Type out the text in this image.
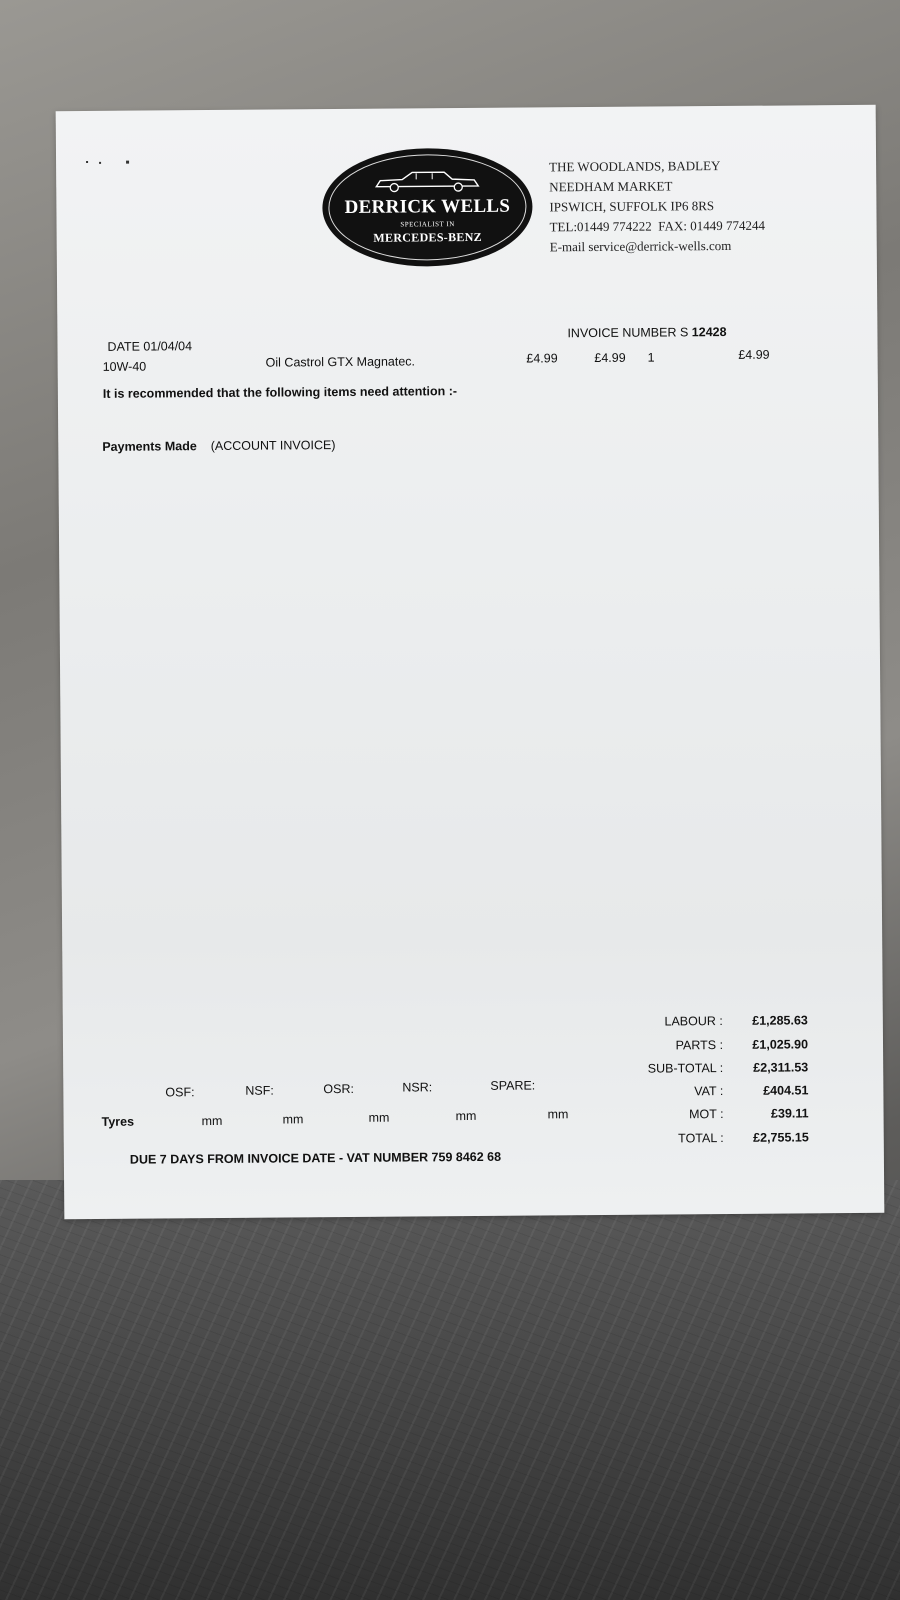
DERRICK WELLS
SPECIALIST IN
MERCEDES-BENZ
THE WOODLANDS, BADLEY
NEEDHAM MARKET
IPSWICH, SUFFOLK IP6 8RS
TEL:01449 774222 FAX: 01449 774244
E-mail service@derrick-wells.com
INVOICE NUMBER S 12428
DATE 01/04/04
10W-40	Oil Castrol GTX Magnatec.	£4.99	£4.99 1	£4.99
It is recommended that the following items need attention :-
Payments Made (ACCOUNT INVOICE)
OSF:	NSF:	OSR:	NSR:	SPARE:
Tyres	mm	mm	mm	mm	mm
LABOUR :	£1,285.63
PARTS :	£1,025.90
SUB-TOTAL :	£2,311.53
VAT :	£404.51
MOT :	£39.11
TOTAL :	£2,755.15
DUE 7 DAYS FROM INVOICE DATE - VAT NUMBER 759 8462 68
